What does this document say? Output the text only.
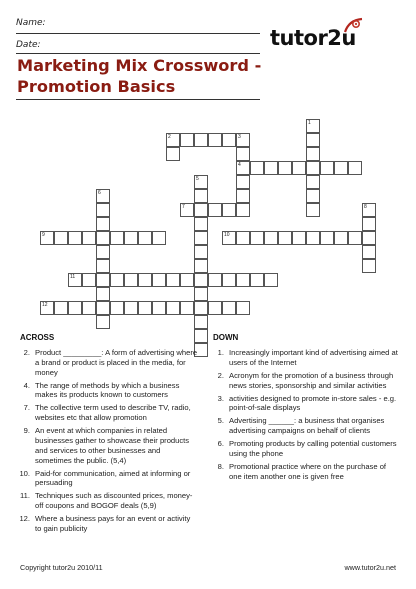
Name:
Date:	tutor2u
Marketing Mix Crossword -
Promotion Basics
1
2	3
4
5
6
7	8
9	10
11
12
ACROSS
2. Product _________: A form of advertising where a brand or product is placed in the media, for money
4. The range of methods by which a business makes its products known to customers
7. The collective term used to describe TV, radio, websites etc that allow promotion
9. An event at which companies in related businesses gather to showcase their products and services to other businesses and sometimes the public. (5,4)
10. Paid-for communication, aimed at informing or persuading
11. Techniques such as discounted prices, money-off coupons and BOGOF deals (5,9)
12. Where a business pays for an event or activity to gain publicity
DOWN
1. Increasingly important kind of advertising aimed at users of the Internet
2. Acronym for the promotion of a business through news stories, sponsorship and similar activities
3. activities designed to promote in-store sales - e.g. point-of-sale displays
5. Advertising ______: a business that organises advertising campaigns on behalf of clients
6. Promoting products by calling potential customers using the phone
8. Promotional practice where on the purchase of one item another one is given free
Copyright tutor2u 2010/11	www.tutor2u.net
